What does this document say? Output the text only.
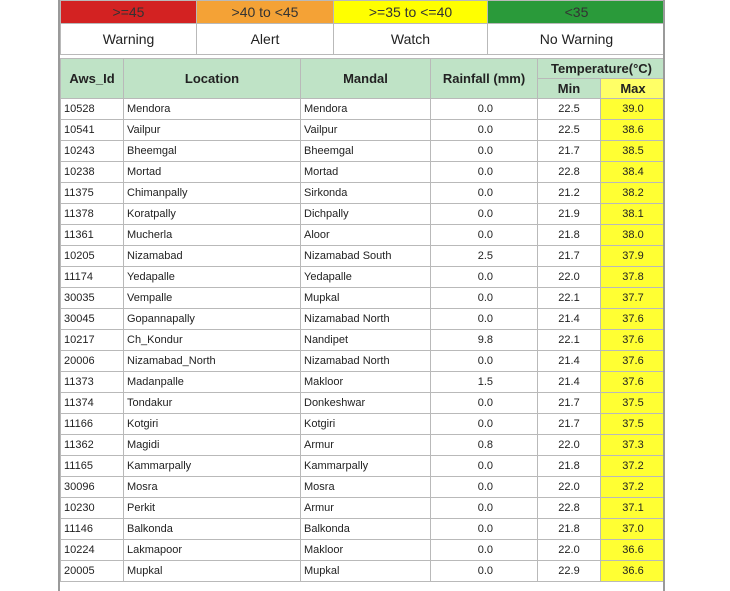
>=45	>40 to <45	>=35 to <=40	<35
Warning	Alert	Watch	No Warning

Aws_Id	Location	Mandal	Rainfall (mm)	Temperature(°C)	
				Min	Max
10528	Mendora	Mendora	0.0	22.5	39.0
10541	Vailpur	Vailpur	0.0	22.5	38.6
10243	Bheemgal	Bheemgal	0.0	21.7	38.5
10238	Mortad	Mortad	0.0	22.8	38.4
11375	Chimanpally	Sirkonda	0.0	21.2	38.2
11378	Koratpally	Dichpally	0.0	21.9	38.1
11361	Mucherla	Aloor	0.0	21.8	38.0
10205	Nizamabad	Nizamabad South	2.5	21.7	37.9
11174	Yedapalle	Yedapalle	0.0	22.0	37.8
30035	Vempalle	Mupkal	0.0	22.1	37.7
30045	Gopannapally	Nizamabad North	0.0	21.4	37.6
10217	Ch_Kondur	Nandipet	9.8	22.1	37.6
20006	Nizamabad_North	Nizamabad North	0.0	21.4	37.6
11373	Madanpalle	Makloor	1.5	21.4	37.6
11374	Tondakur	Donkeshwar	0.0	21.7	37.5
11166	Kotgiri	Kotgiri	0.0	21.7	37.5
11362	Magidi	Armur	0.8	22.0	37.3
11165	Kammarpally	Kammarpally	0.0	21.8	37.2
30096	Mosra	Mosra	0.0	22.0	37.2
10230	Perkit	Armur	0.0	22.8	37.1
11146	Balkonda	Balkonda	0.0	21.8	37.0
10224	Lakmapoor	Makloor	0.0	22.0	36.6
20005	Mupkal	Mupkal	0.0	22.9	36.6
